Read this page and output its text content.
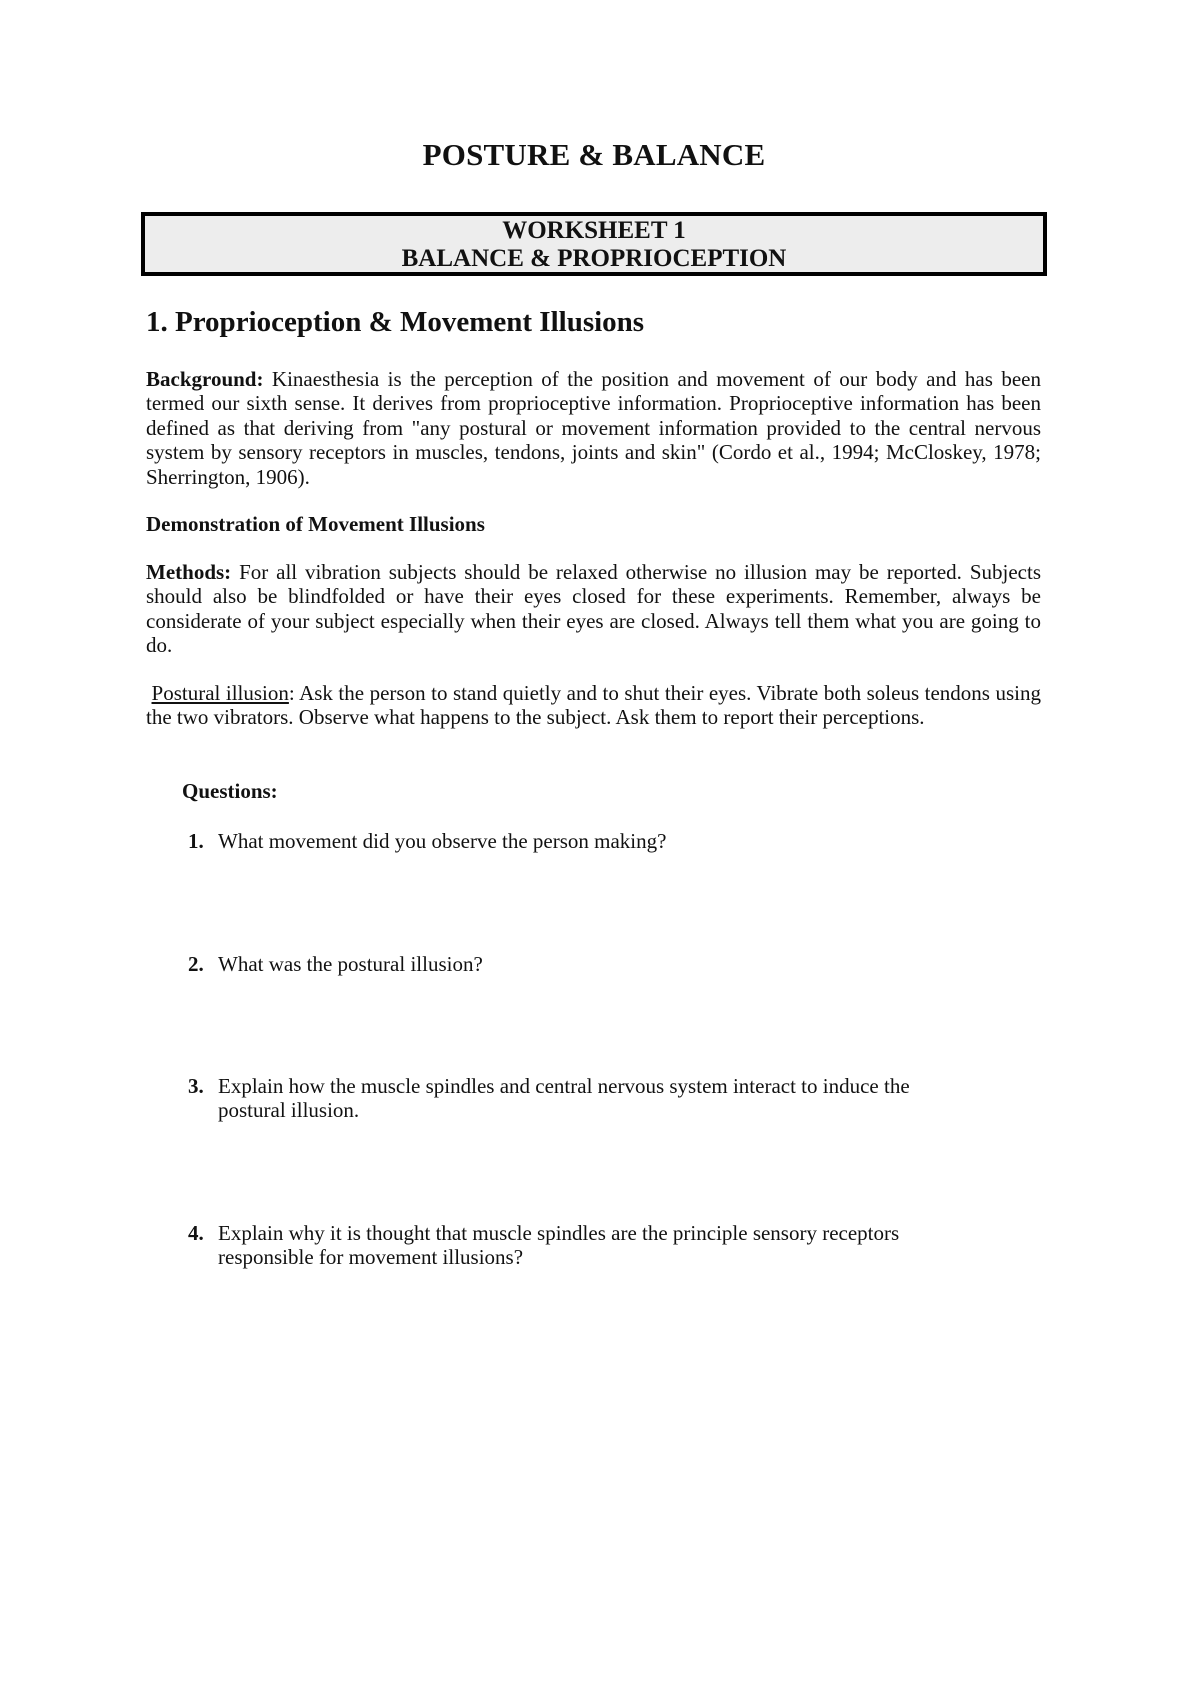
POSTURE & BALANCE
WORKSHEET 1
BALANCE & PROPRIOCEPTION
1. Proprioception & Movement Illusions
Background: Kinaesthesia is the perception of the position and movement of our body and has been termed our sixth sense. It derives from proprioceptive information. Proprioceptive information has been defined as that deriving from "any postural or movement information provided to the central nervous system by sensory receptors in muscles, tendons, joints and skin" (Cordo et al., 1994; McCloskey, 1978; Sherrington, 1906).
Demonstration of Movement Illusions
Methods: For all vibration subjects should be relaxed otherwise no illusion may be reported. Subjects should also be blindfolded or have their eyes closed for these experiments. Remember, always be considerate of your subject especially when their eyes are closed. Always tell them what you are going to do.
Postural illusion: Ask the person to stand quietly and to shut their eyes. Vibrate both soleus tendons using the two vibrators. Observe what happens to the subject. Ask them to report their perceptions.
Questions:
1. What movement did you observe the person making?
2. What was the postural illusion?
3. Explain how the muscle spindles and central nervous system interact to induce the
postural illusion.
4. Explain why it is thought that muscle spindles are the principle sensory receptors
responsible for movement illusions?
